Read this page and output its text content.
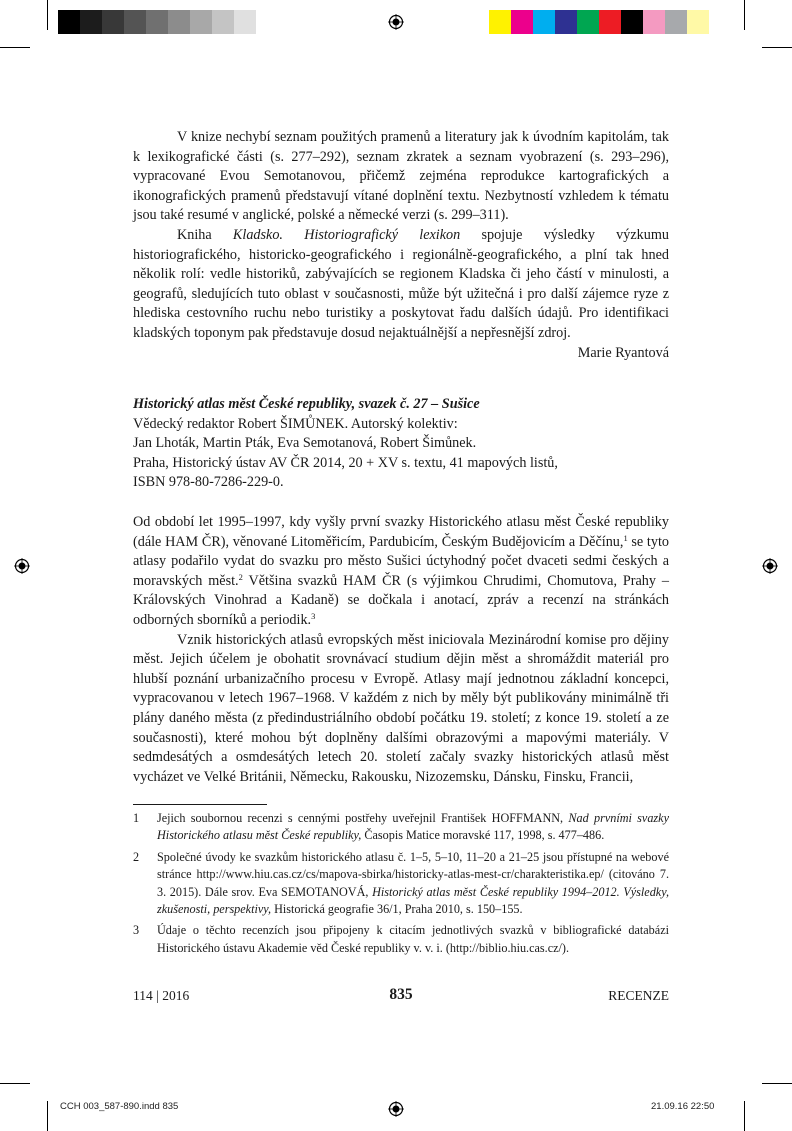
V knize nechybí seznam použitých pramenů a literatury jak k úvodním kapitolám, tak k lexikografické části (s. 277–292), seznam zkratek a seznam vyobrazení (s. 293–296), vypracované Evou Semotanovou, přičemž zejména reprodukce kartografických a ikonografických pramenů představují vítané doplnění textu. Nezbytností vzhledem k tématu jsou také resumé v anglické, polské a německé verzi (s. 299–311).

Kniha Kladsko. Historiografický lexikon spojuje výsledky výzkumu historiografického, historicko-geografického i regionálně-geografického, a plní tak hned několik rolí: vedle historiků, zabývajících se regionem Kladska či jeho částí v minulosti, a geografů, sledujících tuto oblast v současnosti, může být užitečná i pro další zájemce ryze z hlediska cestovního ruchu nebo turistiky a poskytovat řadu dalších údajů. Pro identifikaci kladských toponym pak představuje dosud nejaktuálnější a nepřesnější zdroj.

Marie Ryantová

Historický atlas měst České republiky, svazek č. 27 – Sušice
Vědecký redaktor Robert ŠIMŮNEK. Autorský kolektiv:
Jan Lhoták, Martin Pták, Eva Semotanová, Robert Šimůnek.
Praha, Historický ústav AV ČR 2014, 20 + XV s. textu, 41 mapových listů,
ISBN 978-80-7286-229-0.

Od období let 1995–1997, kdy vyšly první svazky Historického atlasu měst České republiky (dále HAM ČR), věnované Litoměřicím, Pardubicím, Českým Budějovicím a Děčínu,$^1$ se tyto atlasy podařilo vydat do svazku pro město Sušici úctyhodný počet dvaceti sedmi českých a moravských měst.$^2$ Většina svazků HAM ČR (s výjimkou Chrudimi, Chomutova, Prahy – Královských Vinohrad a Kadaně) se dočkala i anotací, zpráv a recenzí na stránkách odborných sborníků a periodik.$^3$

Vznik historických atlasů evropských měst iniciovala Mezinárodní komise pro dějiny měst. Jejich účelem je obohatit srovnávací studium dějin měst a shromáždit materiál pro hlubší poznání urbanizačního procesu v Evropě. Atlasy mají jednotnou základní koncepci, vypracovanou v letech 1967–1968. V každém z nich by měly být publikovány minimálně tři plány daného města (z předindustriálního období počátku 19. století; z konce 19. století a ze současnosti), které mohou být doplněny dalšími obrazovými a mapovými materiály. V sedmdesátých a osmdesátých letech 20. století začaly svazky historických atlasů měst vycházet ve Velké Británii, Německu, Rakousku, Nizozemsku, Dánsku, Finsku, Francii,

1	Jejich soubornou recenzi s cennými postřehy uveřejnil František HOFFMANN, Nad prvními svazky Historického atlasu měst České republiky, Časopis Matice moravské 117, 1998, s. 477–486.
2	Společné úvody ke svazkům historického atlasu č. 1–5, 5–10, 11–20 a 21–25 jsou přístupné na webové stránce http://www.hiu.cas.cz/cs/mapova-sbirka/historicky-atlas-mest-cr/charakteristika.ep/ (citováno 7. 3. 2015). Dále srov. Eva SEMOTANOVÁ, Historický atlas měst České republiky 1994–2012. Výsledky, zkušenosti, perspektivy, Historická geografie 36/1, Praha 2010, s. 150–155.
3	Údaje o těchto recenzích jsou připojeny k citacím jednotlivých svazků v bibliografické databázi Historického ústavu Akademie věd České republiky v. v. i. (http://biblio.hiu.cas.cz/).
114 | 2016	835	RECENZE
CCH 003_587-890.indd 835	21.09.16 22:50
